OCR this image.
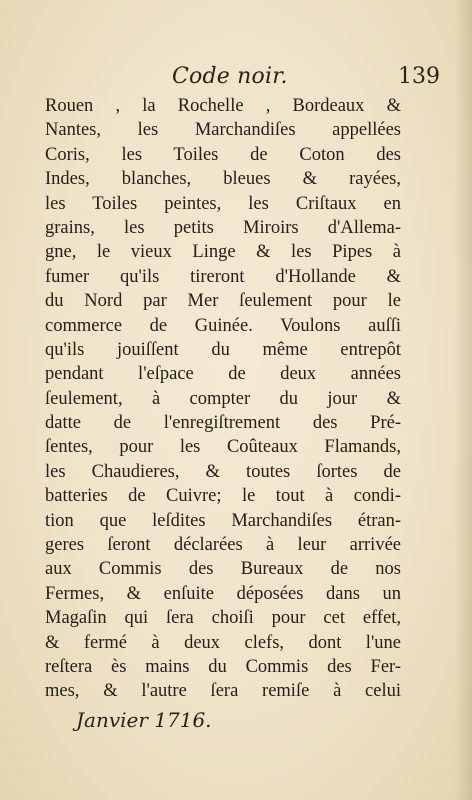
Code noir.	139
Rouen , la Rochelle , Bordeaux &
Nantes, les Marchandiſes appellées
Coris, les Toiles de Coton des
Indes, blanches, bleues & rayées,
les Toiles peintes, les Criſtaux en
grains, les petits Miroirs d'Allema-
gne, le vieux Linge & les Pipes à
fumer qu'ils tireront d'Hollande &
du Nord par Mer ſeulement pour le
commerce de Guinée. Voulons auſſi
qu'ils jouiſſent du même entrepôt
pendant l'eſpace de deux années
ſeulement, à compter du jour &
datte de l'enregiſtrement des Pré-
ſentes, pour les Coûteaux Flamands,
les Chaudieres, & toutes ſortes de
batteries de Cuivre; le tout à condi-
tion que leſdites Marchandiſes étran-
geres ſeront déclarées à leur arrivée
aux Commis des Bureaux de nos
Fermes, & enſuite déposées dans un
Magaſin qui ſera choiſi pour cet effet,
& fermé à deux clefs, dont l'une
reſtera ès mains du Commis des Fer-
mes, & l'autre ſera remiſe à celui
Janvier 1716.
